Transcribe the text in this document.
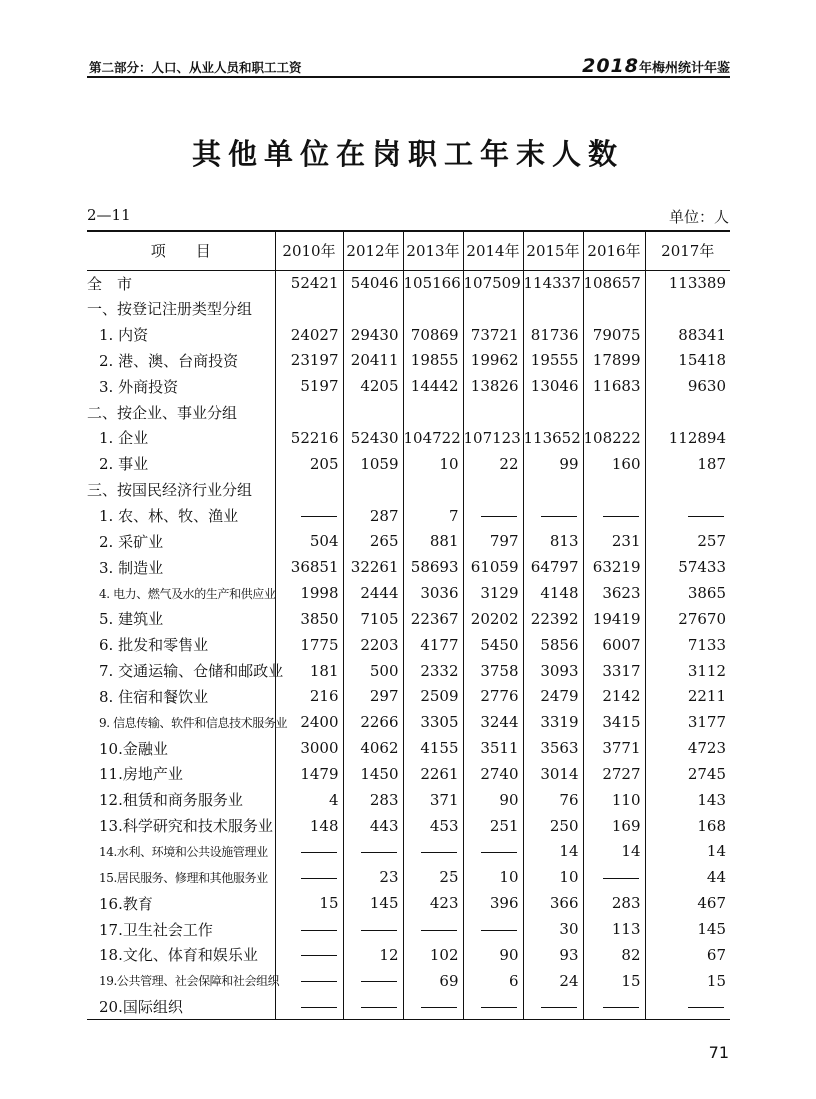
第二部分：人口、从业人员和职工工资	2018年梅州统计年鉴
其他单位在岗职工年末人数
2—11	单位：人
项　　目	2010年	2012年	2013年	2014年	2015年	2016年	2017年
全　市	52421	54046	105166	107509	114337	108657	113389
一、按登记注册类型分组							
1. 内资	24027	29430	70869	73721	81736	79075	88341
2. 港、澳、台商投资	23197	20411	19855	19962	19555	17899	15418
3. 外商投资	5197	4205	14442	13826	13046	11683	9630
二、按企业、事业分组							
1. 企业	52216	52430	104722	107123	113652	108222	112894
2. 事业	205	1059	10	22	99	160	187
三、按国民经济行业分组							
1. 农、林、牧、渔业		287	7				
2. 采矿业	504	265	881	797	813	231	257
3. 制造业	36851	32261	58693	61059	64797	63219	57433
4. 电力、燃气及水的生产和供应业	1998	2444	3036	3129	4148	3623	3865
5. 建筑业	3850	7105	22367	20202	22392	19419	27670
6. 批发和零售业	1775	2203	4177	5450	5856	6007	7133
7. 交通运输、仓储和邮政业	181	500	2332	3758	3093	3317	3112
8. 住宿和餐饮业	216	297	2509	2776	2479	2142	2211
9. 信息传输、软件和信息技术服务业	2400	2266	3305	3244	3319	3415	3177
10.金融业	3000	4062	4155	3511	3563	3771	4723
11.房地产业	1479	1450	2261	2740	3014	2727	2745
12.租赁和商务服务业	4	283	371	90	76	110	143
13.科学研究和技术服务业	148	443	453	251	250	169	168
14.水利、环境和公共设施管理业					14	14	14
15.居民服务、修理和其他服务业		23	25	10	10		44
16.教育	15	145	423	396	366	283	467
17.卫生社会工作					30	113	145
18.文化、体育和娱乐业		12	102	90	93	82	67
19.公共管理、社会保障和社会组织			69	6	24	15	15
20.国际组织							
71
